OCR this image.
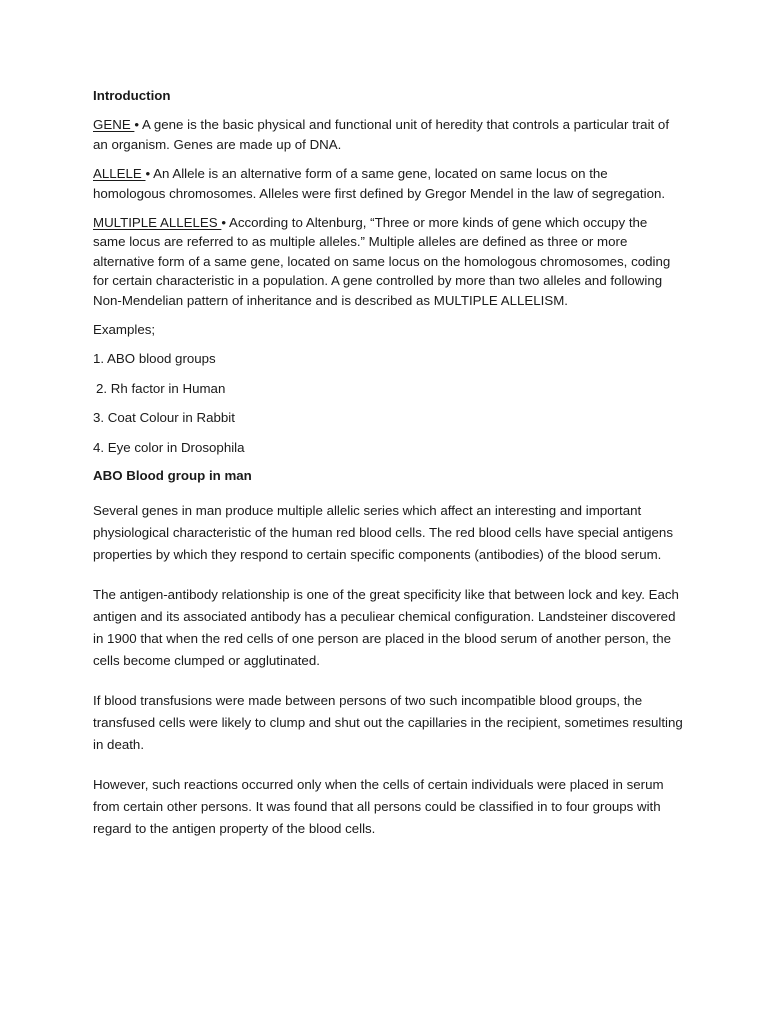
Introduction

GENE • A gene is the basic physical and functional unit of heredity that controls a particular trait of an organism. Genes are made up of DNA.

ALLELE • An Allele is an alternative form of a same gene, located on same locus on the homologous chromosomes. Alleles were first defined by Gregor Mendel in the law of segregation.

MULTIPLE ALLELES • According to Altenburg, “Three or more kinds of gene which occupy the same locus are referred to as multiple alleles.” Multiple alleles are defined as three or more alternative form of a same gene, located on same locus on the homologous chromosomes, coding for certain characteristic in a population. A gene controlled by more than two alleles and following Non-Mendelian pattern of inheritance and is described as MULTIPLE ALLELISM.

Examples;

1. ABO blood groups

2. Rh factor in Human

3. Coat Colour in Rabbit

4. Eye color in Drosophila

ABO Blood group in man

Several genes in man produce multiple allelic series which affect an interesting and important physiological characteristic of the human red blood cells. The red blood cells have special antigens properties by which they respond to certain specific components (antibodies) of the blood serum.

The antigen-antibody relationship is one of the great specificity like that between lock and key. Each antigen and its associated antibody has a peculiear chemical configuration. Landsteiner discovered in 1900 that when the red cells of one person are placed in the blood serum of another person, the cells become clumped or agglutinated.

If blood transfusions were made between persons of two such incompatible blood groups, the transfused cells were likely to clump and shut out the capillaries in the recipient, sometimes resulting in death.

However, such reactions occurred only when the cells of certain individuals were placed in serum from certain other persons. It was found that all persons could be classified in to four groups with regard to the antigen property of the blood cells.
